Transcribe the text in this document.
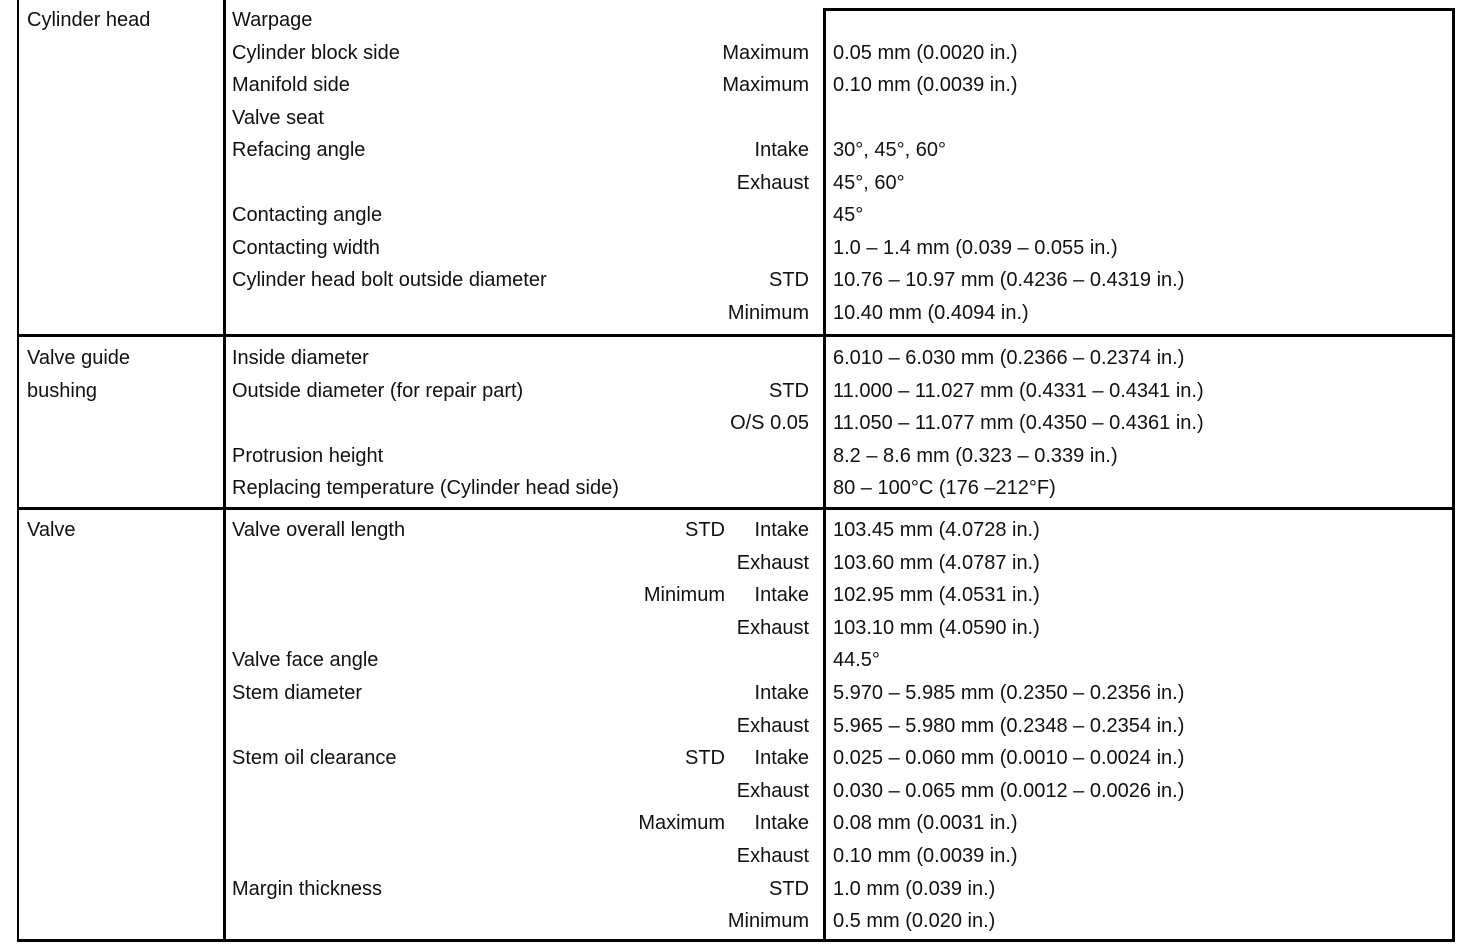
Cylinder head	Warpage
Cylinder block side	Maximum 0.05 mm (0.0020 in.)
Manifold side	Maximum 0.10 mm (0.0039 in.)
Valve seat
Refacing angle	Intake 30°, 45°, 60°
Exhaust 45°, 60°
Contacting angle	45°
Contacting width	1.0 – 1.4 mm (0.039 – 0.055 in.)
Cylinder head bolt outside diameter	STD 10.76 – 10.97 mm (0.4236 – 0.4319 in.)
Minimum 10.40 mm (0.4094 in.)
Valve guide
bushing
Inside diameter	6.010 – 6.030 mm (0.2366 – 0.2374 in.)
Outside diameter (for repair part)	STD 11.000 – 11.027 mm (0.4331 – 0.4341 in.)
O/S 0.05 11.050 – 11.077 mm (0.4350 – 0.4361 in.)
Protrusion height	8.2 – 8.6 mm (0.323 – 0.339 in.)
Replacing temperature (Cylinder head side)	80 – 100°C (176 –212°F)
Valve	Valve overall length	STD Intake 103.45 mm (4.0728 in.)
Exhaust 103.60 mm (4.0787 in.)
Minimum Intake 102.95 mm (4.0531 in.)
Exhaust 103.10 mm (4.0590 in.)
Valve face angle	44.5°
Stem diameter	Intake 5.970 – 5.985 mm (0.2350 – 0.2356 in.)
Exhaust 5.965 – 5.980 mm (0.2348 – 0.2354 in.)
Stem oil clearance	STD Intake 0.025 – 0.060 mm (0.0010 – 0.0024 in.)
Exhaust 0.030 – 0.065 mm (0.0012 – 0.0026 in.)
Maximum Intake 0.08 mm (0.0031 in.)
Exhaust 0.10 mm (0.0039 in.)
Margin thickness	STD 1.0 mm (0.039 in.)
Minimum 0.5 mm (0.020 in.)
